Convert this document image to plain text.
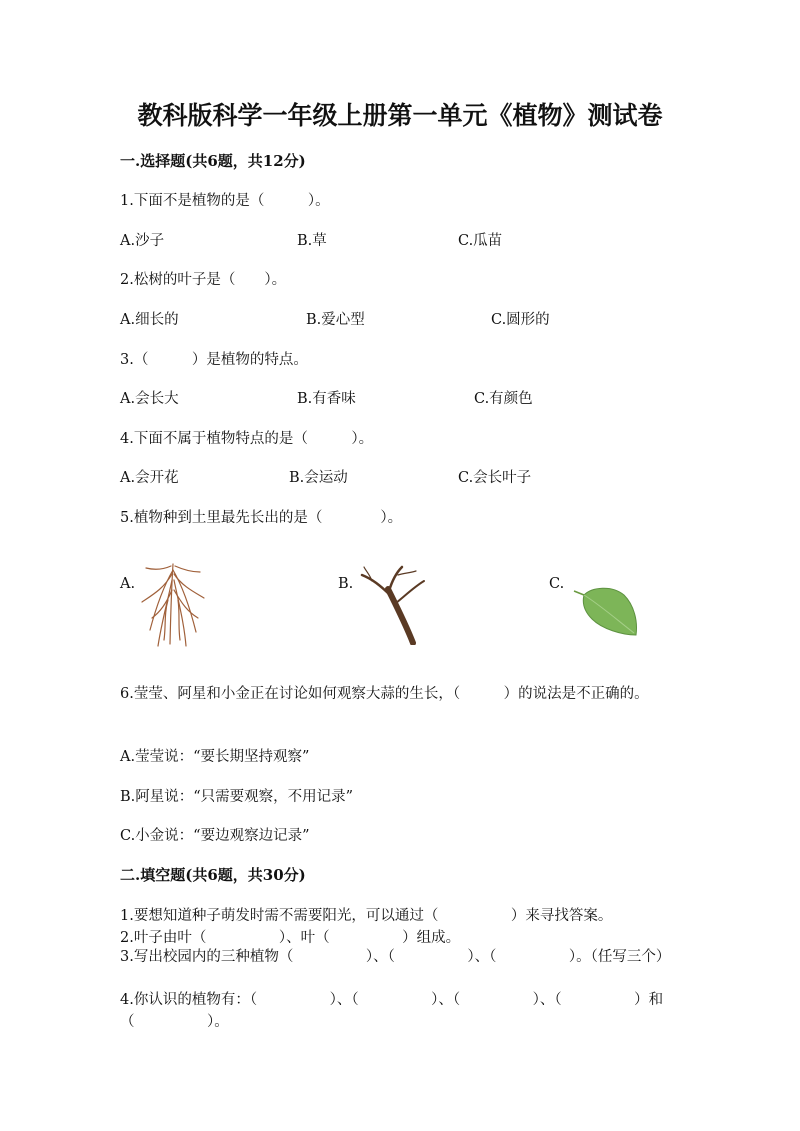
教科版科学一年级上册第一单元《植物》测试卷
一.选择题(共6题，共12分)
1.下面不是植物的是（　　　）。
A.沙子	B.草	C.瓜苗
2.松树的叶子是（　　）。
A.细长的	B.爱心型	C.圆形的
3.（　　　）是植物的特点。
A.会长大	B.有香味	C.有颜色
4.下面不属于植物特点的是（　　　）。
A.会开花	B.会运动	C.会长叶子
5.植物种到土里最先长出的是（　　　　）。
A.	B.	C.
6.莹莹、阿星和小金正在讨论如何观察大蒜的生长，（　　　）的说法是不正确的。
A.莹莹说：“要长期坚持观察”
B.阿星说：“只需要观察，不用记录”
C.小金说：“要边观察边记录”
二.填空题(共6题，共30分)
1.要想知道种子萌发时需不需要阳光，可以通过（　　　　　）来寻找答案。
2.叶子由叶（　　　　　）、叶（　　　　　）组成。
3.写出校园内的三种植物（　　　　　）、（　　　　　）、（　　　　　）。（任写三个）
4.你认识的植物有：（　　　　　）、（　　　　　）、（　　　　　）、（　　　　　）和（　　　　　）。
